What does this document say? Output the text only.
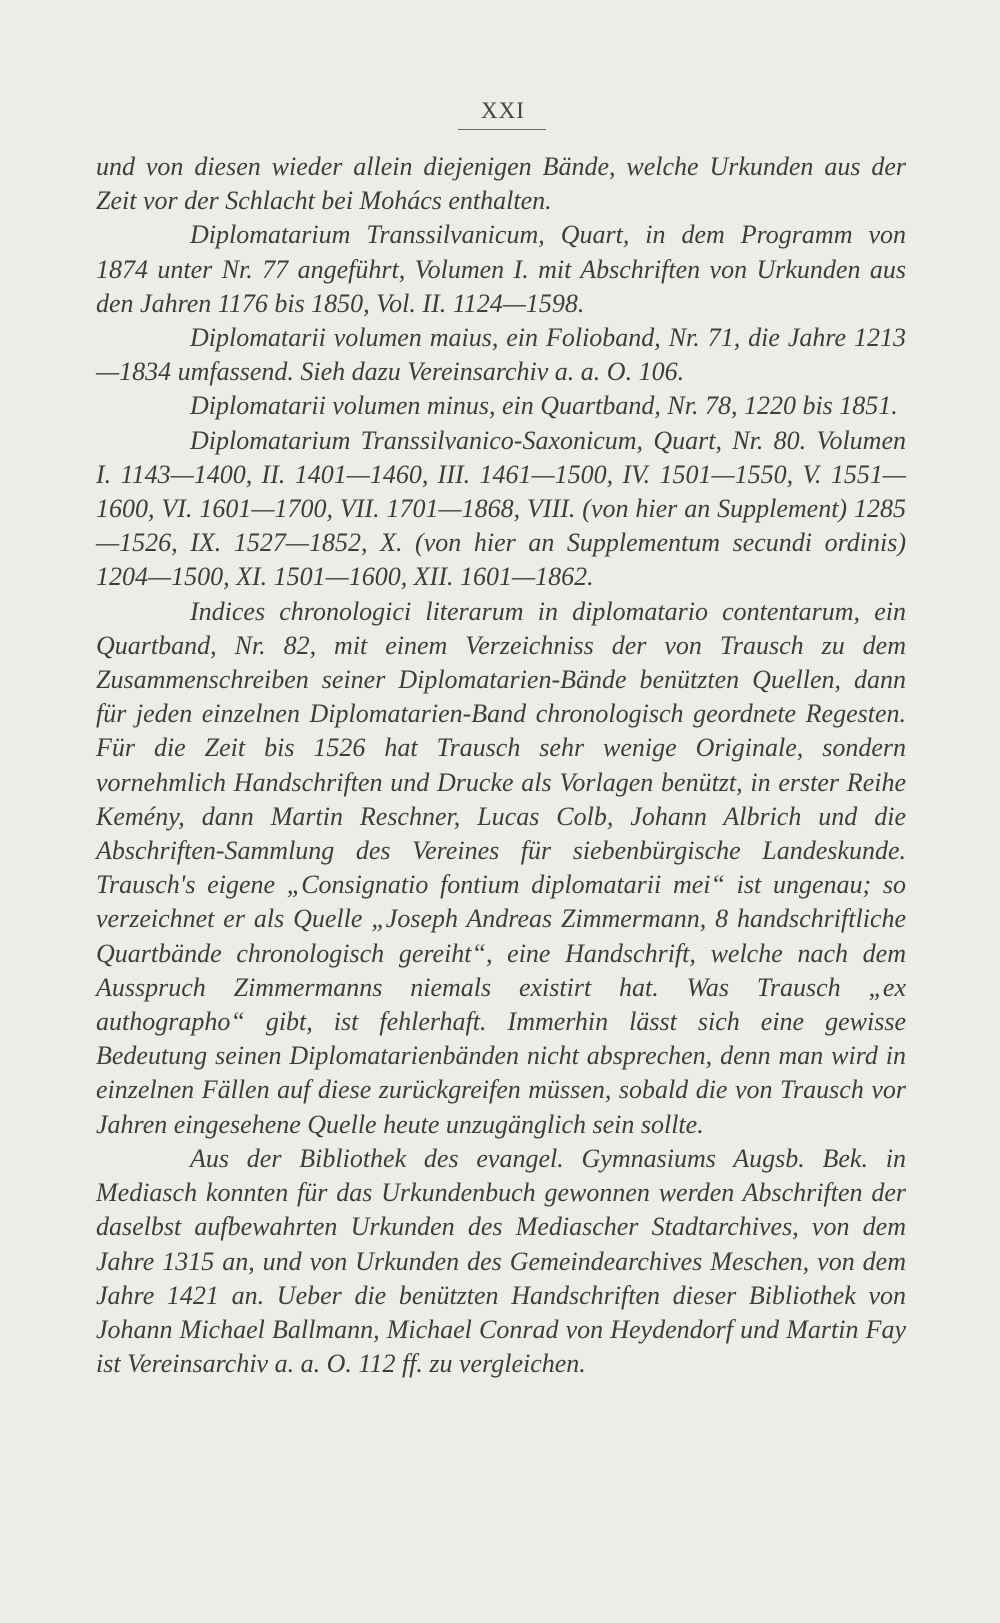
XXI

und von diesen wieder allein diejenigen Bände, welche Urkunden aus der Zeit vor der Schlacht bei Mohács enthalten.

Diplomatarium Transsilvanicum, Quart, in dem Programm von 1874 unter Nr. 77 angeführt, Volumen I. mit Abschriften von Urkunden aus den Jahren 1176 bis 1850, Vol. II. 1124—1598.

Diplomatarii volumen maius, ein Folioband, Nr. 71, die Jahre 1213—1834 umfassend. Sieh dazu Vereinsarchiv a. a. O. 106.

Diplomatarii volumen minus, ein Quartband, Nr. 78, 1220 bis 1851.

Diplomatarium Transsilvanico-Saxonicum, Quart, Nr. 80. Volumen I. 1143—1400, II. 1401—1460, III. 1461—1500, IV. 1501—1550, V. 1551—1600, VI. 1601—1700, VII. 1701—1868, VIII. (von hier an Supplement) 1285—1526, IX. 1527—1852, X. (von hier an Supplementum secundi ordinis) 1204—1500, XI. 1501—1600, XII. 1601—1862.

Indices chronologici literarum in diplomatario contentarum, ein Quartband, Nr. 82, mit einem Verzeichniss der von Trausch zu dem Zusammenschreiben seiner Diplomatarien-Bände benützten Quellen, dann für jeden einzelnen Diplomatarien-Band chronologisch geordnete Regesten. Für die Zeit bis 1526 hat Trausch sehr wenige Originale, sondern vornehmlich Handschriften und Drucke als Vorlagen benützt, in erster Reihe Kemény, dann Martin Reschner, Lucas Colb, Johann Albrich und die Abschriften-Sammlung des Vereines für siebenbürgische Landeskunde. Trausch's eigene „Consignatio fontium diplomatarii mei“ ist ungenau; so verzeichnet er als Quelle „Joseph Andreas Zimmermann, 8 handschriftliche Quartbände chronologisch gereiht“, eine Handschrift, welche nach dem Ausspruch Zimmermanns niemals existirt hat. Was Trausch „ex authographo“ gibt, ist fehlerhaft. Immerhin lässt sich eine gewisse Bedeutung seinen Diplomatarienbänden nicht absprechen, denn man wird in einzelnen Fällen auf diese zurückgreifen müssen, sobald die von Trausch vor Jahren eingesehene Quelle heute unzugänglich sein sollte.

Aus der Bibliothek des evangel. Gymnasiums Augsb. Bek. in Mediasch konnten für das Urkundenbuch gewonnen werden Abschriften der daselbst aufbewahrten Urkunden des Mediascher Stadtarchives, von dem Jahre 1315 an, und von Urkunden des Gemeindearchives Meschen, von dem Jahre 1421 an. Ueber die benützten Handschriften dieser Bibliothek von Johann Michael Ballmann, Michael Conrad von Heydendorf und Martin Fay ist Vereinsarchiv a. a. O. 112 ff. zu vergleichen.
